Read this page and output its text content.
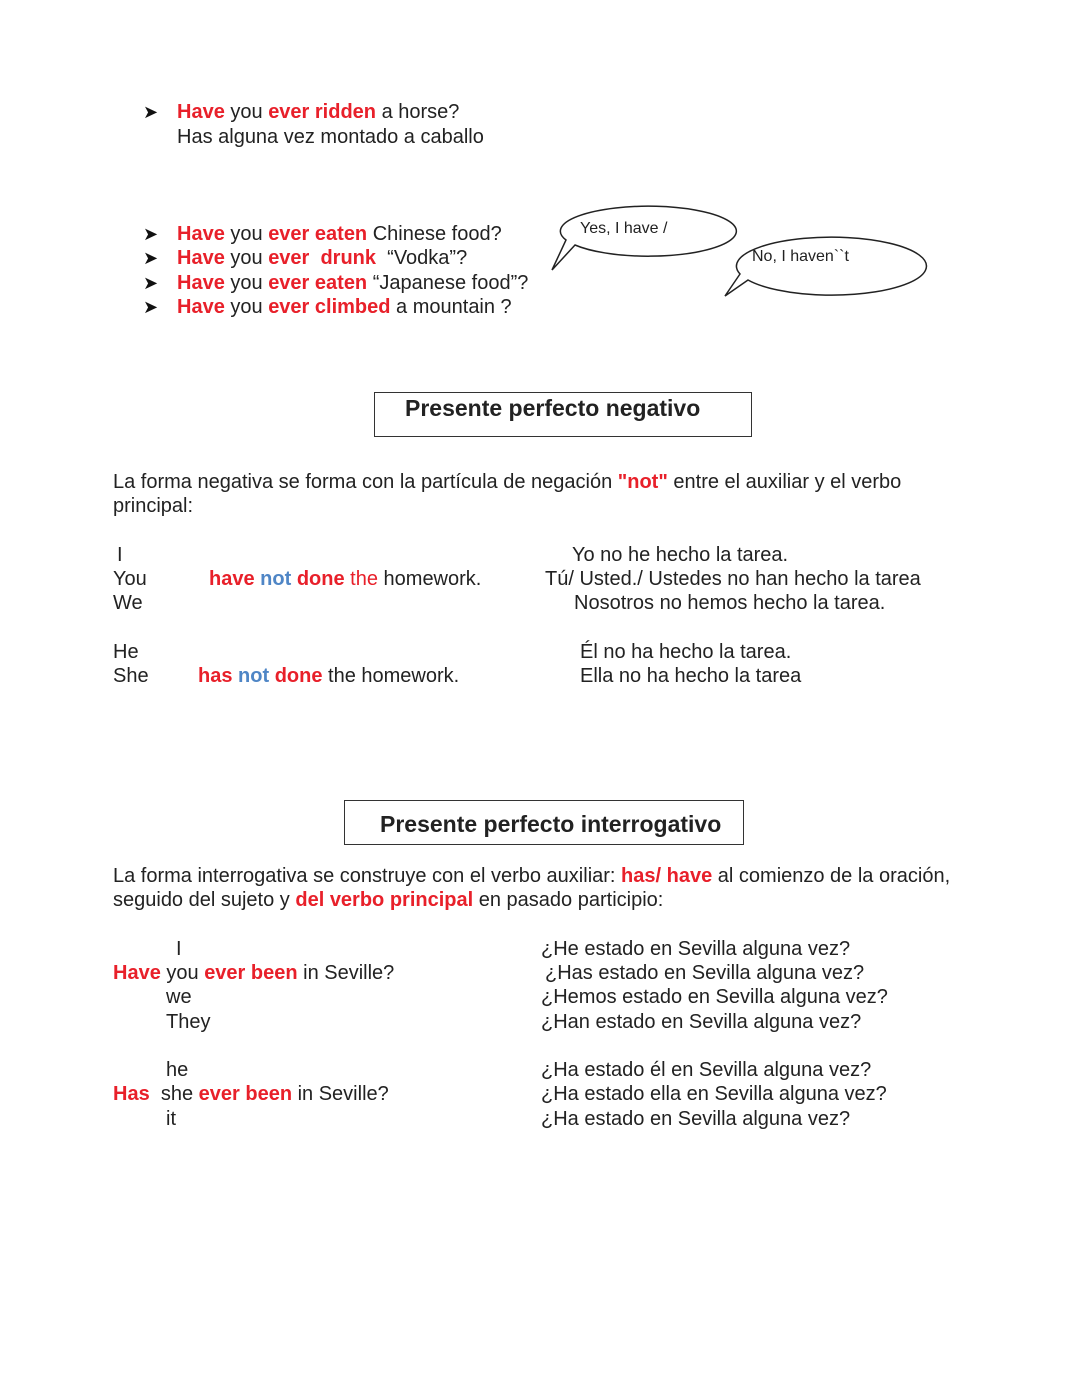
➤ Have you ever ridden a horse?
Has alguna vez montado a caballo
➤ Have you ever eaten Chinese food?
➤ Have you ever drunk “Vodka”?
➤ Have you ever eaten “Japanese food”?
➤ Have you ever climbed a mountain ?
Yes, I have /
No, I haven``t
Presente perfecto negativo
La forma negativa se forma con la partícula de negación "not" entre el auxiliar y el verbo
principal:
I
You
We
have not done the homework.
Yo no he hecho la tarea.
Tú/ Usted./ Ustedes no han hecho la tarea
Nosotros no hemos hecho la tarea.
He
She has not done the homework.
Él no ha hecho la tarea.
Ella no ha hecho la tarea
Presente perfecto interrogativo
La forma interrogativa se construye con el verbo auxiliar: has/ have al comienzo de la oración,
seguido del sujeto y del verbo principal en pasado participio:
I
Have you ever been in Seville?
we
They
¿He estado en Sevilla alguna vez?
¿Has estado en Sevilla alguna vez?
¿Hemos estado en Sevilla alguna vez?
¿Han estado en Sevilla alguna vez?
he
Has she ever been in Seville?
it
¿Ha estado él en Sevilla alguna vez?
¿Ha estado ella en Sevilla alguna vez?
¿Ha estado en Sevilla alguna vez?
